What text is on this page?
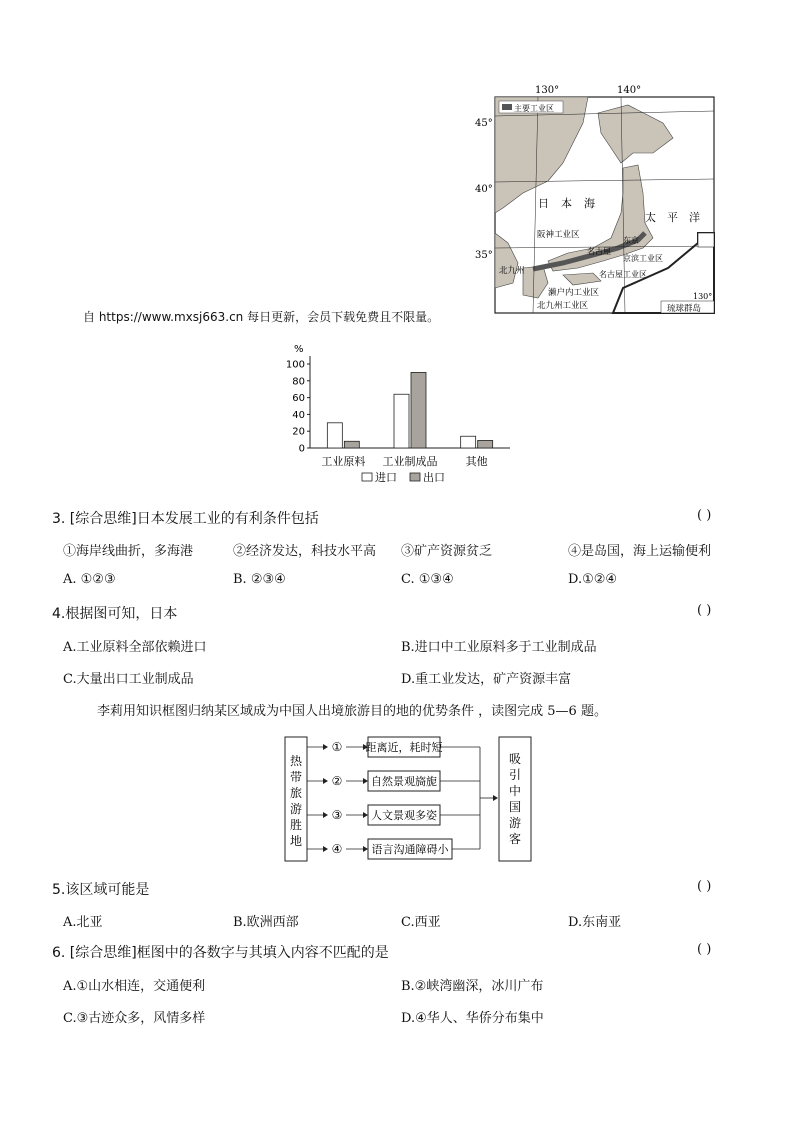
130°	140°
45°
40°
35°
主要工业区
日 本 海
太 平 洋
阪神工业区
名古屋
东京
北九州
京滨工业区
名古屋工业区
濑户内工业区
北九州工业区
130°
琉球群岛
自 https://www.mxsj663.cn 每日更新，会员下载免费且不限量。
%
0
20
40
60
80
100
工业原料 工业制成品	其他
进口 出口
3. [综合思维]日本发展工业的有利条件包括	( )
①海岸线曲折，多海港	②经济发达，科技水平高 ③矿产资源贫乏	④是岛国，海上运输便利
A. ①②③	B. ②③④	C. ①③④	D.①②④
4.根据图可知，日本	( )
A.工业原料全部依赖进口	B.进口中工业原料多于工业制成品
C.大量出口工业制成品	D.重工业发达，矿产资源丰富
李莉用知识框图归纳某区域成为中国人出境旅游目的地的优势条件 ，读图完成 5—6 题。
热
带
旅
游
胜
地
① 距离近，耗时短
②	自然景观旖旎
③	人文景观多姿
④	语言沟通障碍小
吸
引
中
国
游
客
5.该区域可能是	( )
A.北亚	B.欧洲西部	C.西亚	D.东南亚
6. [综合思维]框图中的各数字与其填入内容不匹配的是	( )
A.①山水相连，交通便利	B.②峡湾幽深，冰川广布
C.③古迹众多，风情多样	D.④华人、华侨分布集中
